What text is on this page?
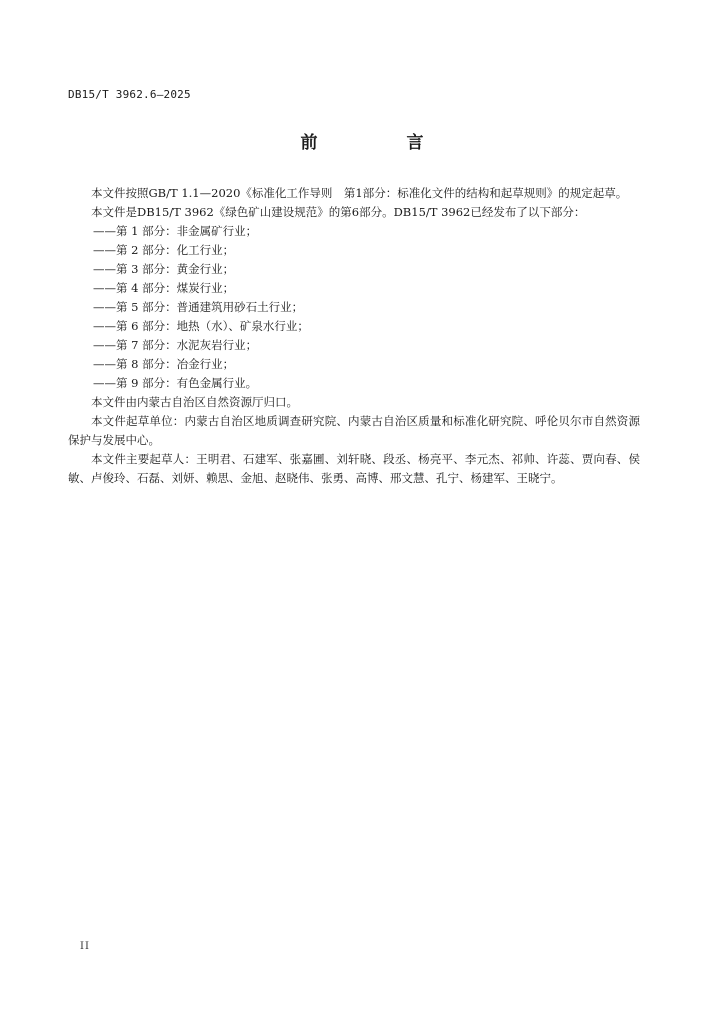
DB15/T 3962.6—2025
前　言

本文件按照GB/T 1.1—2020《标准化工作导则　第1部分：标准化文件的结构和起草规则》的规定起草。

本文件是DB15/T 3962《绿色矿山建设规范》的第6部分。DB15/T 3962已经发布了以下部分：

——第 1 部分：非金属矿行业；
——第 2 部分：化工行业；
——第 3 部分：黄金行业；
——第 4 部分：煤炭行业；
——第 5 部分：普通建筑用砂石土行业；
——第 6 部分：地热（水）、矿泉水行业；
——第 7 部分：水泥灰岩行业；
——第 8 部分：冶金行业；
——第 9 部分：有色金属行业。

本文件由内蒙古自治区自然资源厅归口。

本文件起草单位：内蒙古自治区地质调查研究院、内蒙古自治区质量和标准化研究院、呼伦贝尔市自然资源保护与发展中心。

本文件主要起草人：王明君、石建军、张嘉圃、刘轩晓、段丞、杨亮平、李元杰、祁帅、许蕊、贾向春、侯敏、卢俊玲、石磊、刘妍、赖思、金旭、赵晓伟、张勇、高博、邢文慧、孔宁、杨建军、王晓宁。

II
